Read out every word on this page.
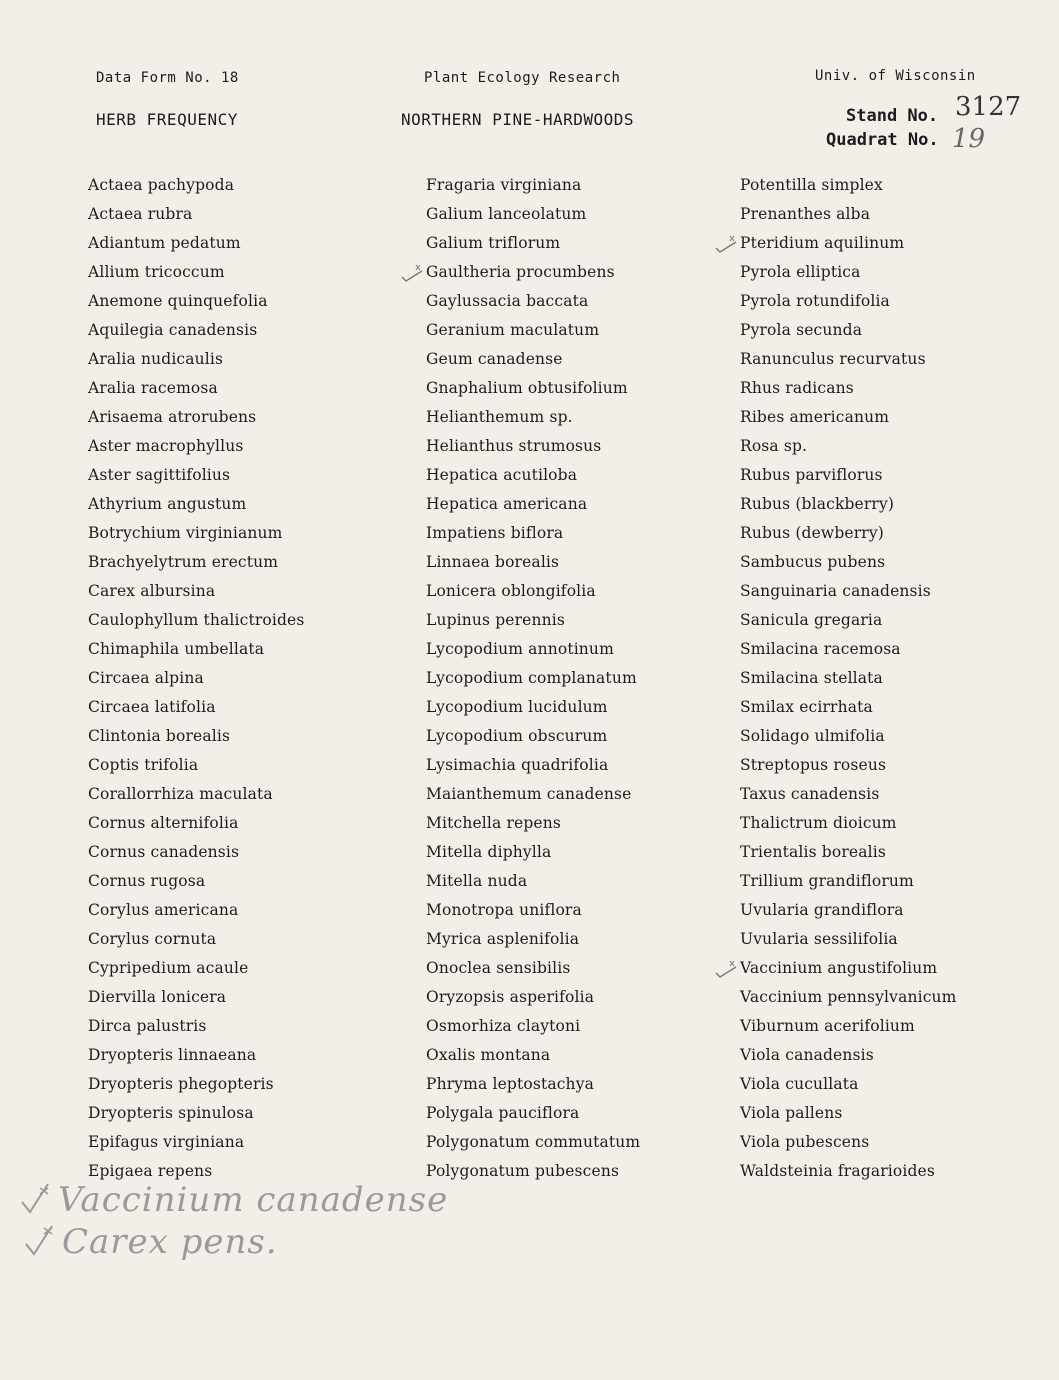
Data Form No. 18	Plant Ecology Research	Univ. of Wisconsin
HERB FREQUENCY	NORTHERN PINE-HARDWOODS	Stand No. 3127
Quadrat No. 19
Actaea pachypoda
Actaea rubra
Adiantum pedatum
Allium tricoccum
Anemone quinquefolia
Aquilegia canadensis
Aralia nudicaulis
Aralia racemosa
Arisaema atrorubens
Aster macrophyllus
Aster sagittifolius
Athyrium angustum
Botrychium virginianum
Brachyelytrum erectum
Carex albursina
Caulophyllum thalictroides
Chimaphila umbellata
Circaea alpina
Circaea latifolia
Clintonia borealis
Coptis trifolia
Corallorrhiza maculata
Cornus alternifolia
Cornus canadensis
Cornus rugosa
Corylus americana
Corylus cornuta
Cypripedium acaule
Diervilla lonicera
Dirca palustris
Dryopteris linnaeana
Dryopteris phegopteris
Dryopteris spinulosa
Epifagus virginiana
Epigaea repens
Fragaria virginiana
Galium lanceolatum
Galium triflorum
Gaultheria procumbens
Gaylussacia baccata
Geranium maculatum
Geum canadense
Gnaphalium obtusifolium
Helianthemum sp.
Helianthus strumosus
Hepatica acutiloba
Hepatica americana
Impatiens biflora
Linnaea borealis
Lonicera oblongifolia
Lupinus perennis
Lycopodium annotinum
Lycopodium complanatum
Lycopodium lucidulum
Lycopodium obscurum
Lysimachia quadrifolia
Maianthemum canadense
Mitchella repens
Mitella diphylla
Mitella nuda
Monotropa uniflora
Myrica asplenifolia
Onoclea sensibilis
Oryzopsis asperifolia
Osmorhiza claytoni
Oxalis montana
Phryma leptostachya
Polygala pauciflora
Polygonatum commutatum
Polygonatum pubescens
Potentilla simplex
Prenanthes alba
Pteridium aquilinum
Pyrola elliptica
Pyrola rotundifolia
Pyrola secunda
Ranunculus recurvatus
Rhus radicans
Ribes americanum
Rosa sp.
Rubus parviflorus
Rubus (blackberry)
Rubus (dewberry)
Sambucus pubens
Sanguinaria canadensis
Sanicula gregaria
Smilacina racemosa
Smilacina stellata
Smilax ecirrhata
Solidago ulmifolia
Streptopus roseus
Taxus canadensis
Thalictrum dioicum
Trientalis borealis
Trillium grandiflorum
Uvularia grandiflora
Uvularia sessilifolia
Vaccinium angustifolium
Vaccinium pennsylvanicum
Viburnum acerifolium
Viola canadensis
Viola cucullata
Viola pallens
Viola pubescens
Waldsteinia fragarioides
Vaccinium canadense
Carex pens.
